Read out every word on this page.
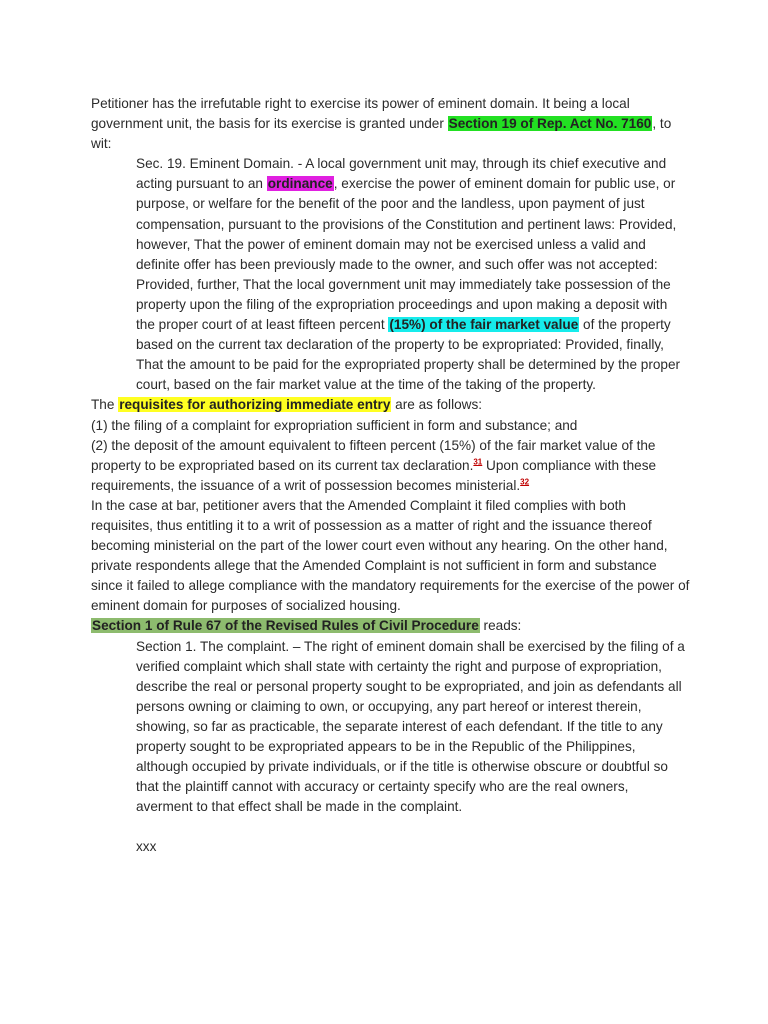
Petitioner has the irrefutable right to exercise its power of eminent domain. It being a local government unit, the basis for its exercise is granted under Section 19 of Rep. Act No. 7160, to wit:

Sec. 19. Eminent Domain. - A local government unit may, through its chief executive and acting pursuant to an ordinance, exercise the power of eminent domain for public use, or purpose, or welfare for the benefit of the poor and the landless, upon payment of just compensation, pursuant to the provisions of the Constitution and pertinent laws: Provided, however, That the power of eminent domain may not be exercised unless a valid and definite offer has been previously made to the owner, and such offer was not accepted: Provided, further, That the local government unit may immediately take possession of the property upon the filing of the expropriation proceedings and upon making a deposit with the proper court of at least fifteen percent (15%) of the fair market value of the property based on the current tax declaration of the property to be expropriated: Provided, finally, That the amount to be paid for the expropriated property shall be determined by the proper court, based on the fair market value at the time of the taking of the property.

The requisites for authorizing immediate entry are as follows:

(1) the filing of a complaint for expropriation sufficient in form and substance; and

(2) the deposit of the amount equivalent to fifteen percent (15%) of the fair market value of the property to be expropriated based on its current tax declaration.$^{31}$ Upon compliance with these requirements, the issuance of a writ of possession becomes ministerial.$^{32}$

In the case at bar, petitioner avers that the Amended Complaint it filed complies with both requisites, thus entitling it to a writ of possession as a matter of right and the issuance thereof becoming ministerial on the part of the lower court even without any hearing. On the other hand, private respondents allege that the Amended Complaint is not sufficient in form and substance since it failed to allege compliance with the mandatory requirements for the exercise of the power of eminent domain for purposes of socialized housing.

Section 1 of Rule 67 of the Revised Rules of Civil Procedure reads:

Section 1. The complaint. – The right of eminent domain shall be exercised by the filing of a verified complaint which shall state with certainty the right and purpose of expropriation, describe the real or personal property sought to be expropriated, and join as defendants all persons owning or claiming to own, or occupying, any part hereof or interest therein, showing, so far as practicable, the separate interest of each defendant. If the title to any property sought to be expropriated appears to be in the Republic of the Philippines, although occupied by private individuals, or if the title is otherwise obscure or doubtful so that the plaintiff cannot with accuracy or certainty specify who are the real owners, averment to that effect shall be made in the complaint.

xxx
